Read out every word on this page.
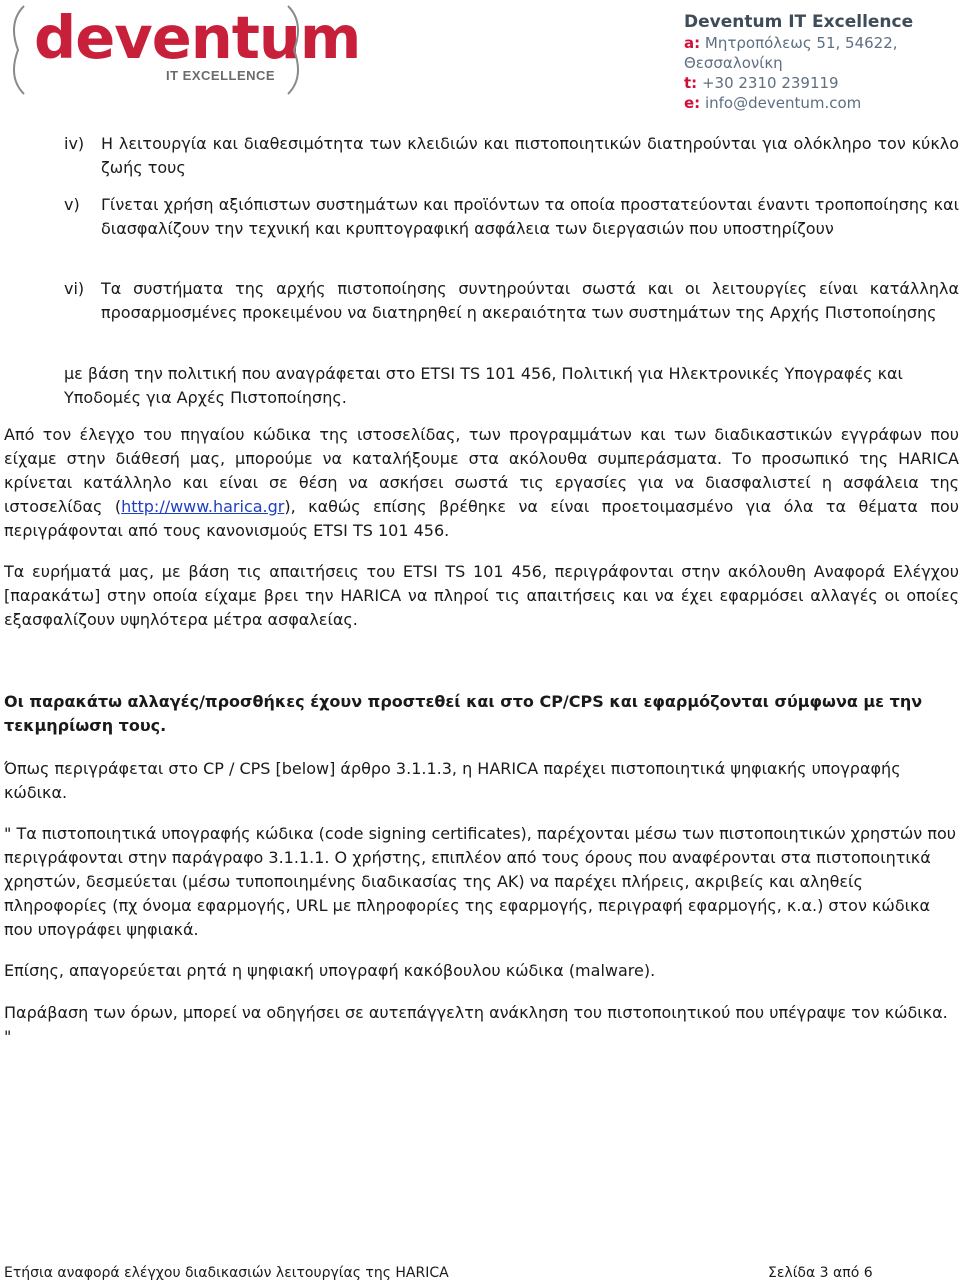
deventum
IT EXCELLENCE
Deventum IT Excellence
a: Μητροπόλεως 51, 54622, Θεσσαλονίκη
t: +30 2310 239119
e: info@deventum.com
iv) Η λειτουργία και διαθεσιμότητα των κλειδιών και πιστοποιητικών διατηρούνται για ολόκληρο τον κύκλο ζωής τους

v) Γίνεται χρήση αξιόπιστων συστημάτων και προϊόντων τα οποία προστατεύονται έναντι τροποποίησης και διασφαλίζουν την τεχνική και κρυπτογραφική ασφάλεια των διεργασιών που υποστηρίζουν

vi) Τα συστήματα της αρχής πιστοποίησης συντηρούνται σωστά και οι λειτουργίες είναι κατάλληλα προσαρμοσμένες προκειμένου να διατηρηθεί η ακεραιότητα των συστημάτων της Αρχής Πιστοποίησης

με βάση την πολιτική που αναγράφεται στο ETSI TS 101 456, Πολιτική για Ηλεκτρονικές Υπογραφές και Υποδομές για Αρχές Πιστοποίησης.

Από τον έλεγχο του πηγαίου κώδικα της ιστοσελίδας, των προγραμμάτων και των διαδικαστικών εγγράφων που είχαμε στην διάθεσή μας, μπορούμε να καταλήξουμε στα ακόλουθα συμπεράσματα. Το προσωπικό της HARICA κρίνεται κατάλληλο και είναι σε θέση να ασκήσει σωστά τις εργασίες για να διασφαλιστεί η ασφάλεια της ιστοσελίδας (http://www.harica.gr), καθώς επίσης βρέθηκε να είναι προετοιμασμένο για όλα τα θέματα που περιγράφονται από τους κανονισμούς ETSI TS 101 456.

Τα ευρήματά μας, με βάση τις απαιτήσεις του ETSI TS 101 456, περιγράφονται στην ακόλουθη Αναφορά Ελέγχου [παρακάτω] στην οποία είχαμε βρει την HARICA να πληροί τις απαιτήσεις και να έχει εφαρμόσει αλλαγές οι οποίες εξασφαλίζουν υψηλότερα μέτρα ασφαλείας.

Οι παρακάτω αλλαγές/προσθήκες έχουν προστεθεί και στο CP/CPS και εφαρμόζονται σύμφωνα με την τεκμηρίωση τους.

Όπως περιγράφεται στο CP / CPS [below] άρθρο 3.1.1.3, η HARICA παρέχει πιστοποιητικά ψηφιακής υπογραφής κώδικα.

" Τα πιστοποιητικά υπογραφής κώδικα (code signing certificates), παρέχονται μέσω των πιστοποιητικών χρηστών που περιγράφονται στην παράγραφο 3.1.1.1. Ο χρήστης, επιπλέον από τους όρους που αναφέρονται στα πιστοποιητικά χρηστών, δεσμεύεται (μέσω τυποποιημένης διαδικασίας της ΑΚ) να παρέχει πλήρεις, ακριβείς και αληθείς πληροφορίες (πχ όνομα εφαρμογής, URL με πληροφορίες της εφαρμογής, περιγραφή εφαρμογής, κ.α.) στον κώδικα που υπογράφει ψηφιακά.

Επίσης, απαγορεύεται ρητά η ψηφιακή υπογραφή κακόβουλου κώδικα (malware).

Παράβαση των όρων, μπορεί να οδηγήσει σε αυτεπάγγελτη ανάκληση του πιστοποιητικού που υπέγραψε τον κώδικα. "

Ετήσια αναφορά ελέγχου διαδικασιών λειτουργίας της HARICA	Σελίδα 3 από 6
